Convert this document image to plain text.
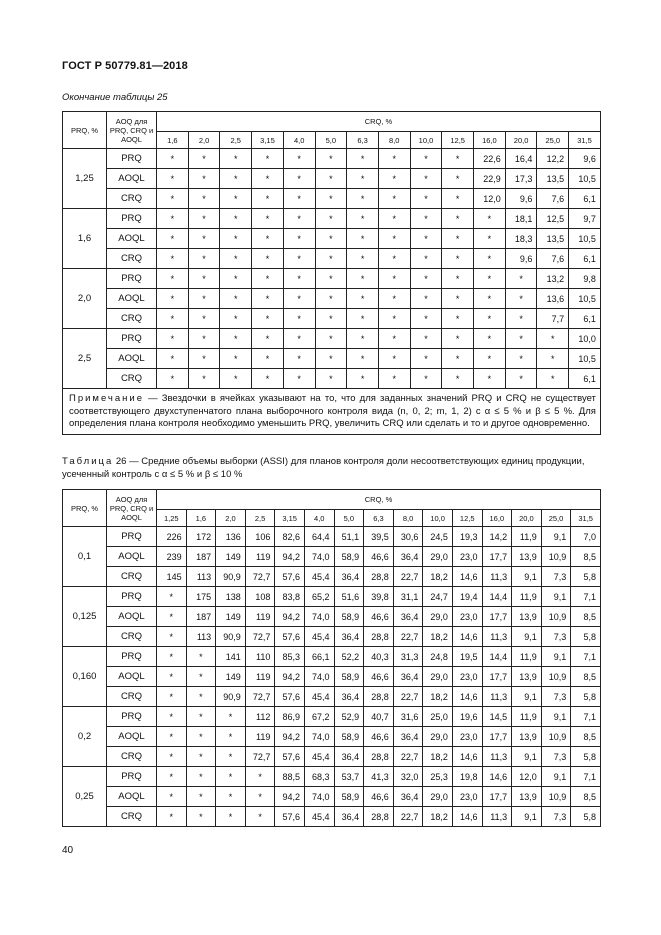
ГОСТ Р 50779.81—2018
Окончание таблицы 25
PRQ, %	AOQ для PRQ, CRQ и AOQL	CRQ, %													
		1,6	2,0	2,5	3,15	4,0	5,0	6,3	8,0	10,0	12,5	16,0	20,0	25,0	31,5
1,25	PRQ	*	*	*	*	*	*	*	*	*	*	22,6	16,4	12,2	9,6
	AOQL	*	*	*	*	*	*	*	*	*	*	22,9	17,3	13,5	10,5
	CRQ	*	*	*	*	*	*	*	*	*	*	12,0	9,6	7,6	6,1
1,6	PRQ	*	*	*	*	*	*	*	*	*	*	*	18,1	12,5	9,7
	AOQL	*	*	*	*	*	*	*	*	*	*	*	18,3	13,5	10,5
	CRQ	*	*	*	*	*	*	*	*	*	*	*	9,6	7,6	6,1
2,0	PRQ	*	*	*	*	*	*	*	*	*	*	*	*	13,2	9,8
	AOQL	*	*	*	*	*	*	*	*	*	*	*	*	13,6	10,5
	CRQ	*	*	*	*	*	*	*	*	*	*	*	*	7,7	6,1
2,5	PRQ	*	*	*	*	*	*	*	*	*	*	*	*	*	10,0
	AOQL	*	*	*	*	*	*	*	*	*	*	*	*	*	10,5
	CRQ	*	*	*	*	*	*	*	*	*	*	*	*	*	6,1
Примечание — Звездочки в ячейках указывают на то, что для заданных значений PRQ и CRQ не существует соответствующего двухступенчатого плана выборочного контроля вида (n, 0, 2; m, 1, 2) с α ≤ 5 % и β ≤ 5 %. Для определения плана контроля необходимо уменьшить PRQ, увеличить CRQ или сделать и то и другое одновременно.															
Таблица 26 — Средние объемы выборки (ASSI) для планов контроля доли несоответствующих единиц продукции, усеченный контроль с α ≤ 5 % и β ≤ 10 %
PRQ, %	AOQ для PRQ, CRQ и AOQL	CRQ, %														
		1,25	1,6	2,0	2,5	3,15	4,0	5,0	6,3	8,0	10,0	12,5	16,0	20,0	25,0	31,5
0,1	PRQ	226	172	136	106	82,6	64,4	51,1	39,5	30,6	24,5	19,3	14,2	11,9	9,1	7,0
	AOQL	239	187	149	119	94,2	74,0	58,9	46,6	36,4	29,0	23,0	17,7	13,9	10,9	8,5
	CRQ	145	113	90,9	72,7	57,6	45,4	36,4	28,8	22,7	18,2	14,6	11,3	9,1	7,3	5,8
0,125	PRQ	*	175	138	108	83,8	65,2	51,6	39,8	31,1	24,7	19,4	14,4	11,9	9,1	7,1
	AOQL	*	187	149	119	94,2	74,0	58,9	46,6	36,4	29,0	23,0	17,7	13,9	10,9	8,5
	CRQ	*	113	90,9	72,7	57,6	45,4	36,4	28,8	22,7	18,2	14,6	11,3	9,1	7,3	5,8
0,160	PRQ	*	*	141	110	85,3	66,1	52,2	40,3	31,3	24,8	19,5	14,4	11,9	9,1	7,1
	AOQL	*	*	149	119	94,2	74,0	58,9	46,6	36,4	29,0	23,0	17,7	13,9	10,9	8,5
	CRQ	*	*	90,9	72,7	57,6	45,4	36,4	28,8	22,7	18,2	14,6	11,3	9,1	7,3	5,8
0,2	PRQ	*	*	*	112	86,9	67,2	52,9	40,7	31,6	25,0	19,6	14,5	11,9	9,1	7,1
	AOQL	*	*	*	119	94,2	74,0	58,9	46,6	36,4	29,0	23,0	17,7	13,9	10,9	8,5
	CRQ	*	*	*	72,7	57,6	45,4	36,4	28,8	22,7	18,2	14,6	11,3	9,1	7,3	5,8
0,25	PRQ	*	*	*	*	88,5	68,3	53,7	41,3	32,0	25,3	19,8	14,6	12,0	9,1	7,1
	AOQL	*	*	*	*	94,2	74,0	58,9	46,6	36,4	29,0	23,0	17,7	13,9	10,9	8,5
	CRQ	*	*	*	*	57,6	45,4	36,4	28,8	22,7	18,2	14,6	11,3	9,1	7,3	5,8
40
